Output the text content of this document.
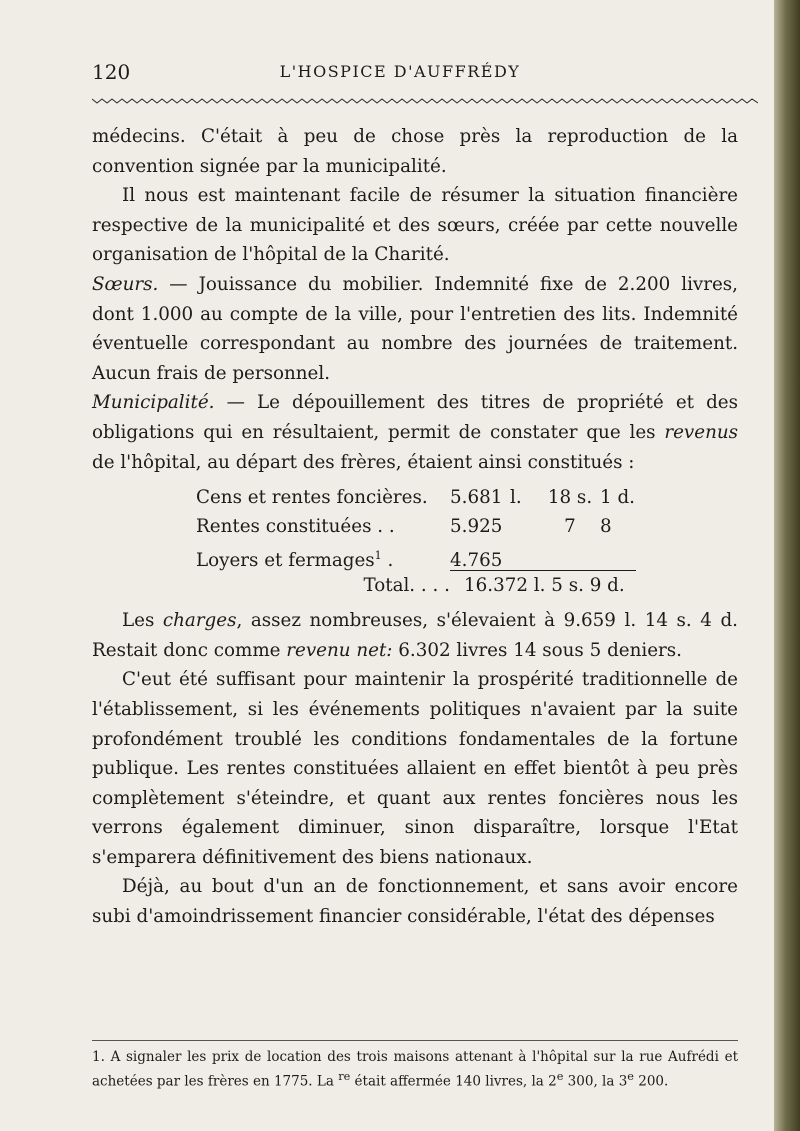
120	L'HOSPICE D'AUFFRÉDY

médecins. C'était à peu de chose près la reproduction de la convention signée par la municipalité.

Il nous est maintenant facile de résumer la situation financière respective de la municipalité et des sœurs, créée par cette nouvelle organisation de l'hôpital de la Charité.

Sœurs. — Jouissance du mobilier. Indemnité fixe de 2.200 livres, dont 1.000 au compte de la ville, pour l'entretien des lits. Indemnité éventuelle correspondant au nombre des journées de traitement. Aucun frais de personnel.

Municipalité. — Le dépouillement des titres de propriété et des obligations qui en résultaient, permit de constater que les revenus de l'hôpital, au départ des frères, étaient ainsi constitués :

Cens et rentes foncières.	5.681 l.	18 s. 1 d.
Rentes constituées . .	5.925	7	8
Loyers et fermages$^1$ .	4.765
Total. . . . 16.372 l. 5 s. 9 d.

Les charges, assez nombreuses, s'élevaient à 9.659 l. 14 s. 4 d. Restait donc comme revenu net: 6.302 livres 14 sous 5 deniers.

C'eut été suffisant pour maintenir la prospérité traditionnelle de l'établissement, si les événements politiques n'avaient par la suite profondément troublé les conditions fondamentales de la fortune publique. Les rentes constituées allaient en effet bientôt à peu près complètement s'éteindre, et quant aux rentes foncières nous les verrons également diminuer, sinon disparaître, lorsque l'Etat s'emparera définitivement des biens nationaux.

Déjà, au bout d'un an de fonctionnement, et sans avoir encore subi d'amoindrissement financier considérable, l'état des dépenses

1. A signaler les prix de location des trois maisons attenant à l'hôpital sur la rue Aufrédi et achetées par les frères en 1775. La $^{re}$ était affermée 140 livres, la 2e 300, la 3e 200.
